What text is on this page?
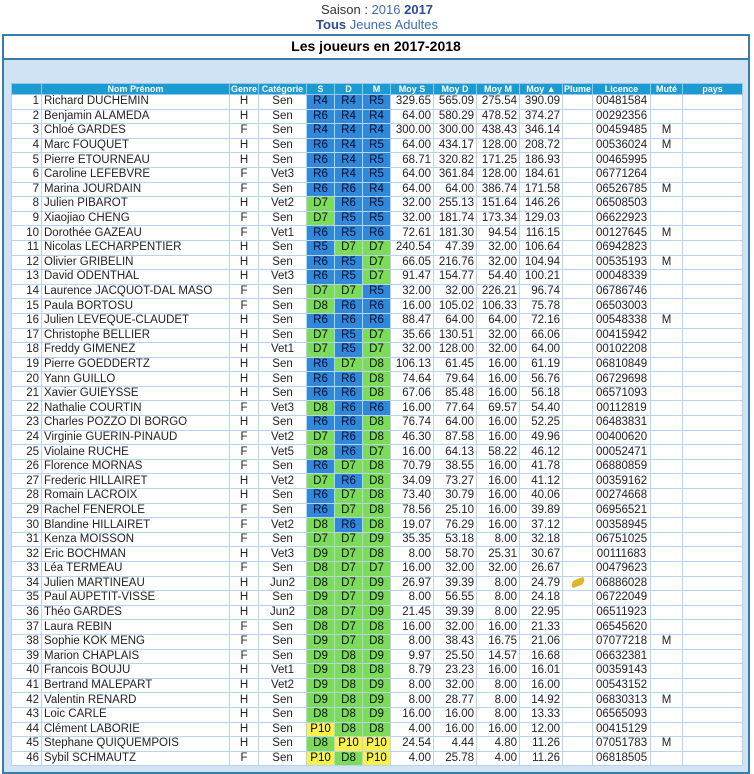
Saison : 2016 2017
Tous Jeunes Adultes
Les joueurs en 2017-2018
	Nom Prénom	Genre	Catégorie	S	D	M	Moy S	Moy D	Moy M	Moy ▲	Plume	Licence	Muté	pays
1	Richard DUCHEMIN	H	Sen	R4	R4	R5	329.65	565.09	275.54	390.09		00481584		
2	Benjamin ALAMEDA	H	Sen	R6	R4	R4	64.00	580.29	478.52	374.27		00292356		
3	Chloé GARDES	F	Sen	R4	R4	R4	300.00	300.00	438.43	346.14		00459485	M	
4	Marc FOUQUET	H	Sen	R6	R4	R5	64.00	434.17	128.00	208.72		00536024	M	
5	Pierre ETOURNEAU	H	Sen	R6	R4	R5	68.71	320.82	171.25	186.93		00465995		
6	Caroline LEFEBVRE	F	Vet3	R6	R4	R5	64.00	361.84	128.00	184.61		06771264		
7	Marina JOURDAIN	F	Sen	R6	R6	R4	64.00	64.00	386.74	171.58		06526785	M	
8	Julien PIBAROT	H	Vet2	D7	R6	R5	32.00	255.13	151.64	146.26		06508503		
9	Xiaojiao CHENG	F	Sen	D7	R5	R5	32.00	181.74	173.34	129.03		06622923		
10	Dorothée GAZEAU	F	Vet1	R6	R5	R6	72.61	181.30	94.54	116.15		00127645	M	
11	Nicolas LECHARPENTIER	H	Sen	R5	D7	D7	240.54	47.39	32.00	106.64		06942823		
12	Olivier GRIBELIN	H	Sen	R6	R5	D7	66.05	216.76	32.00	104.94		00535193	M	
13	David ODENTHAL	H	Vet3	R6	R5	D7	91.47	154.77	54.40	100.21		00048339		
14	Laurence JACQUOT-DAL MASO	F	Sen	D7	D7	R5	32.00	32.00	226.21	96.74		06786746		
15	Paula BORTOSU	F	Sen	D8	R6	R6	16.00	105.02	106.33	75.78		06503003		
16	Julien LEVEQUE-CLAUDET	H	Sen	R6	R6	R6	88.47	64.00	64.00	72.16		00548338	M	
17	Christophe BELLIER	H	Sen	D7	R5	D7	35.66	130.51	32.00	66.06		00415942		
18	Freddy GIMENEZ	H	Vet1	D7	R5	D7	32.00	128.00	32.00	64.00		00102208		
19	Pierre GOEDDERTZ	H	Sen	R6	D7	D8	106.13	61.45	16.00	61.19		06810849		
20	Yann GUILLO	H	Sen	R6	R6	D8	74.64	79.64	16.00	56.76		06729698		
21	Xavier GUIEYSSE	H	Sen	R6	R6	D8	67.06	85.48	16.00	56.18		06571093		
22	Nathalie COURTIN	F	Vet3	D8	R6	R6	16.00	77.64	69.57	54.40		00112819		
23	Charles POZZO DI BORGO	H	Sen	R6	R6	D8	76.74	64.00	16.00	52.25		06483831		
24	Virginie GUERIN-PINAUD	F	Vet2	D7	R6	D8	46.30	87.58	16.00	49.96		00400620		
25	Violaine RUCHE	F	Vet5	D8	R6	D7	16.00	64.13	58.22	46.12		00052471		
26	Florence MORNAS	F	Sen	R6	D7	D8	70.79	38.55	16.00	41.78		06880859		
27	Frederic HILLAIRET	H	Vet2	D7	R6	D8	34.09	73.27	16.00	41.12		00359162		
28	Romain LACROIX	H	Sen	R6	D7	D8	73.40	30.79	16.00	40.06		00274668		
29	Rachel FENEROLE	F	Sen	R6	D7	D8	78.56	25.10	16.00	39.89		06956521		
30	Blandine HILLAIRET	F	Vet2	D8	R6	D8	19.07	76.29	16.00	37.12		00358945		
31	Kenza MOISSON	F	Sen	D7	D7	D9	35.35	53.18	8.00	32.18		06751025		
32	Eric BOCHMAN	H	Vet3	D9	D7	D8	8.00	58.70	25.31	30.67		00111683		
33	Léa TERMEAU	F	Sen	D8	D7	D7	16.00	32.00	32.00	26.67		00479623		
34	Julien MARTINEAU	H	Jun2	D8	D7	D9	26.97	39.39	8.00	24.79		06886028		
35	Paul AUPETIT-VISSE	H	Sen	D9	D7	D9	8.00	56.55	8.00	24.18		06722049		
36	Théo GARDES	H	Jun2	D8	D7	D9	21.45	39.39	8.00	22.95		06511923		
37	Laura REBIN	F	Sen	D8	D7	D8	16.00	32.00	16.00	21.33		06545620		
38	Sophie KOK MENG	F	Sen	D9	D7	D8	8.00	38.43	16.75	21.06		07077218	M	
39	Marion CHAPLAIS	F	Sen	D9	D8	D9	9.97	25.50	14.57	16.68		06632381		
40	Francois BOUJU	H	Vet1	D9	D8	D8	8.79	23.23	16.00	16.01		00359143		
41	Bertrand MALEPART	H	Vet2	D9	D8	D9	8.00	32.00	8.00	16.00		00543152		
42	Valentin RENARD	H	Sen	D9	D8	D9	8.00	28.77	8.00	14.92		06830313	M	
43	Loic CARLE	H	Sen	D8	D8	D9	16.00	16.00	8.00	13.33		06565093		
44	Clément LABORIE	H	Sen	P10	D8	D8	4.00	16.00	16.00	12.00		00415129		
45	Stephane QUIQUEMPOIS	H	Sen	D8	P10	P10	24.54	4.44	4.80	11.26		07051783	M	
46	Sybil SCHMAUTZ	F	Sen	P10	D8	P10	4.00	25.78	4.00	11.26		06818505		
